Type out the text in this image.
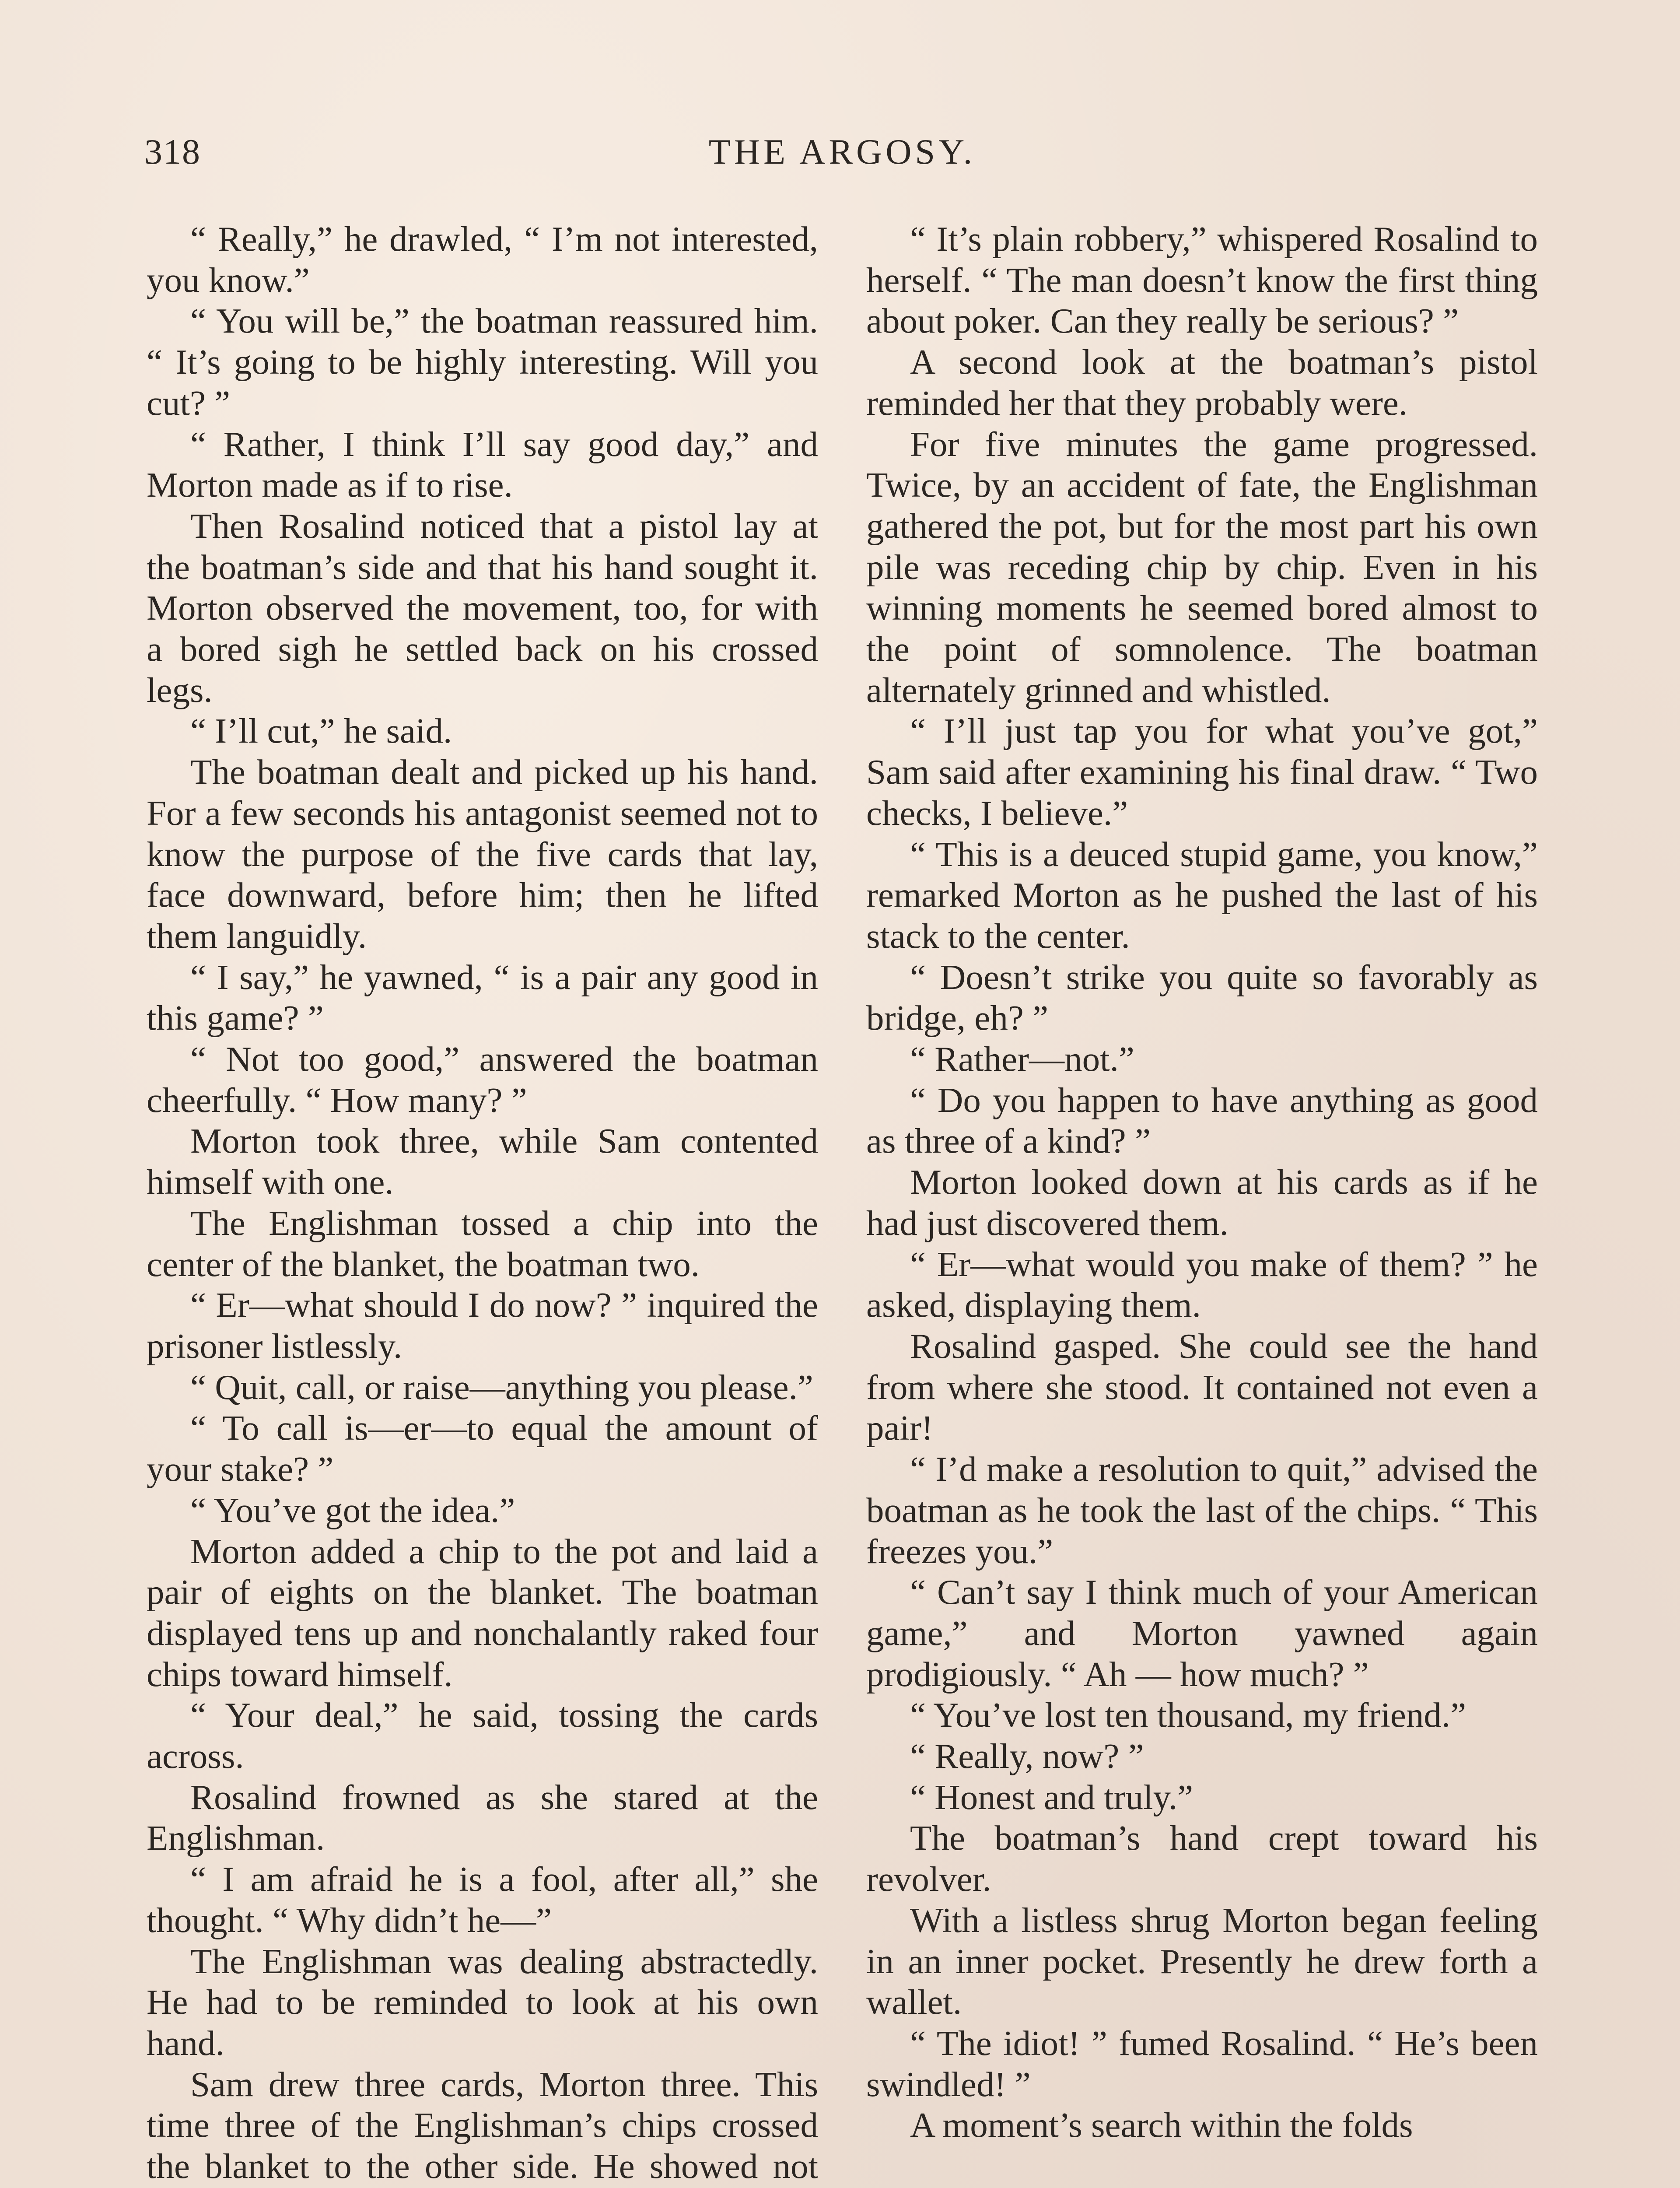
318	THE ARGOSY.

“ Really,” he drawled, “ I’m not interested, you know.”

“ You will be,” the boatman reassured him. “ It’s going to be highly interesting. Will you cut? ”

“ Rather, I think I’ll say good day,” and Morton made as if to rise.

Then Rosalind noticed that a pistol lay at the boatman’s side and that his hand sought it. Morton observed the movement, too, for with a bored sigh he settled back on his crossed legs.

“ I’ll cut,” he said.

The boatman dealt and picked up his hand. For a few seconds his antagonist seemed not to know the purpose of the five cards that lay, face downward, before him; then he lifted them languidly.

“ I say,” he yawned, “ is a pair any good in this game? ”

“ Not too good,” answered the boatman cheerfully. “ How many? ”

Morton took three, while Sam contented himself with one.

The Englishman tossed a chip into the center of the blanket, the boatman two.

“ Er—what should I do now? ” inquired the prisoner listlessly.

“ Quit, call, or raise—anything you please.”

“ To call is—er—to equal the amount of your stake? ”

“ You’ve got the idea.”

Morton added a chip to the pot and laid a pair of eights on the blanket. The boatman displayed tens up and nonchalantly raked four chips toward himself.

“ Your deal,” he said, tossing the cards across.

Rosalind frowned as she stared at the Englishman.

“ I am afraid he is a fool, after all,” she thought. “ Why didn’t he—”

The Englishman was dealing abstractedly. He had to be reminded to look at his own hand.

Sam drew three cards, Morton three. This time three of the Englishman’s chips crossed the blanket to the other side. He showed not

“ It’s plain robbery,” whispered Rosalind to herself. “ The man doesn’t know the first thing about poker. Can they really be serious? ”

A second look at the boatman’s pistol reminded her that they probably were.

For five minutes the game progressed. Twice, by an accident of fate, the Englishman gathered the pot, but for the most part his own pile was receding chip by chip. Even in his winning moments he seemed bored almost to the point of somnolence. The boatman alternately grinned and whistled.

“ I’ll just tap you for what you’ve got,” Sam said after examining his final draw. “ Two checks, I believe.”

“ This is a deuced stupid game, you know,” remarked Morton as he pushed the last of his stack to the center.

“ Doesn’t strike you quite so favorably as bridge, eh? ”

“ Rather—not.”

“ Do you happen to have anything as good as three of a kind? ”

Morton looked down at his cards as if he had just discovered them.

“ Er—what would you make of them? ” he asked, displaying them.

Rosalind gasped. She could see the hand from where she stood. It contained not even a pair!

“ I’d make a resolution to quit,” advised the boatman as he took the last of the chips. “ This freezes you.”

“ Can’t say I think much of your American game,” and Morton yawned again prodigiously. “ Ah — how much? ”

“ You’ve lost ten thousand, my friend.”

“ Really, now? ”

“ Honest and truly.”

The boatman’s hand crept toward his revolver.

With a listless shrug Morton began feeling in an inner pocket. Presently he drew forth a wallet.

“ The idiot! ” fumed Rosalind. “ He’s been swindled! ”

A moment’s search within the folds
